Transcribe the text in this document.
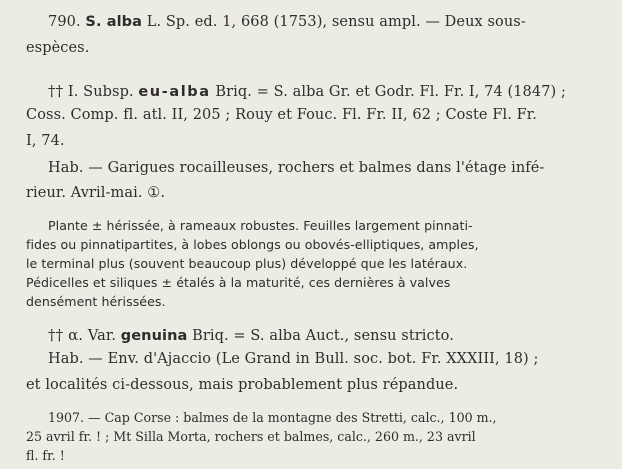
790. S. alba L. Sp. ed. 1, 668 (1753), sensu ampl. — Deux sous-
espèces.
†† I. Subsp. eu-alba Briq. = S. alba Gr. et Godr. Fl. Fr. I, 74 (1847) ;
Coss. Comp. fl. atl. II, 205 ; Rouy et Fouc. Fl. Fr. II, 62 ; Coste Fl. Fr.
I, 74.
Hab. — Garigues rocailleuses, rochers et balmes dans l'étage infé-
rieur. Avril-mai. ①.
Plante ± hérissée, à rameaux robustes. Feuilles largement pinnati-
fides ou pinnatipartites, à lobes oblongs ou obovés-elliptiques, amples,
le terminal plus (souvent beaucoup plus) développé que les latéraux.
Pédicelles et siliques ± étalés à la maturité, ces dernières à valves
densément hérissées.
†† α. Var. genuina Briq. = S. alba Auct., sensu stricto.
Hab. — Env. d'Ajaccio (Le Grand in Bull. soc. bot. Fr. XXXIII, 18) ;
et localités ci-dessous, mais probablement plus répandue.
1907. — Cap Corse : balmes de la montagne des Stretti, calc., 100 m.,
25 avril fr. ! ; Mt Silla Morta, rochers et balmes, calc., 260 m., 23 avril
fl. fr. !
